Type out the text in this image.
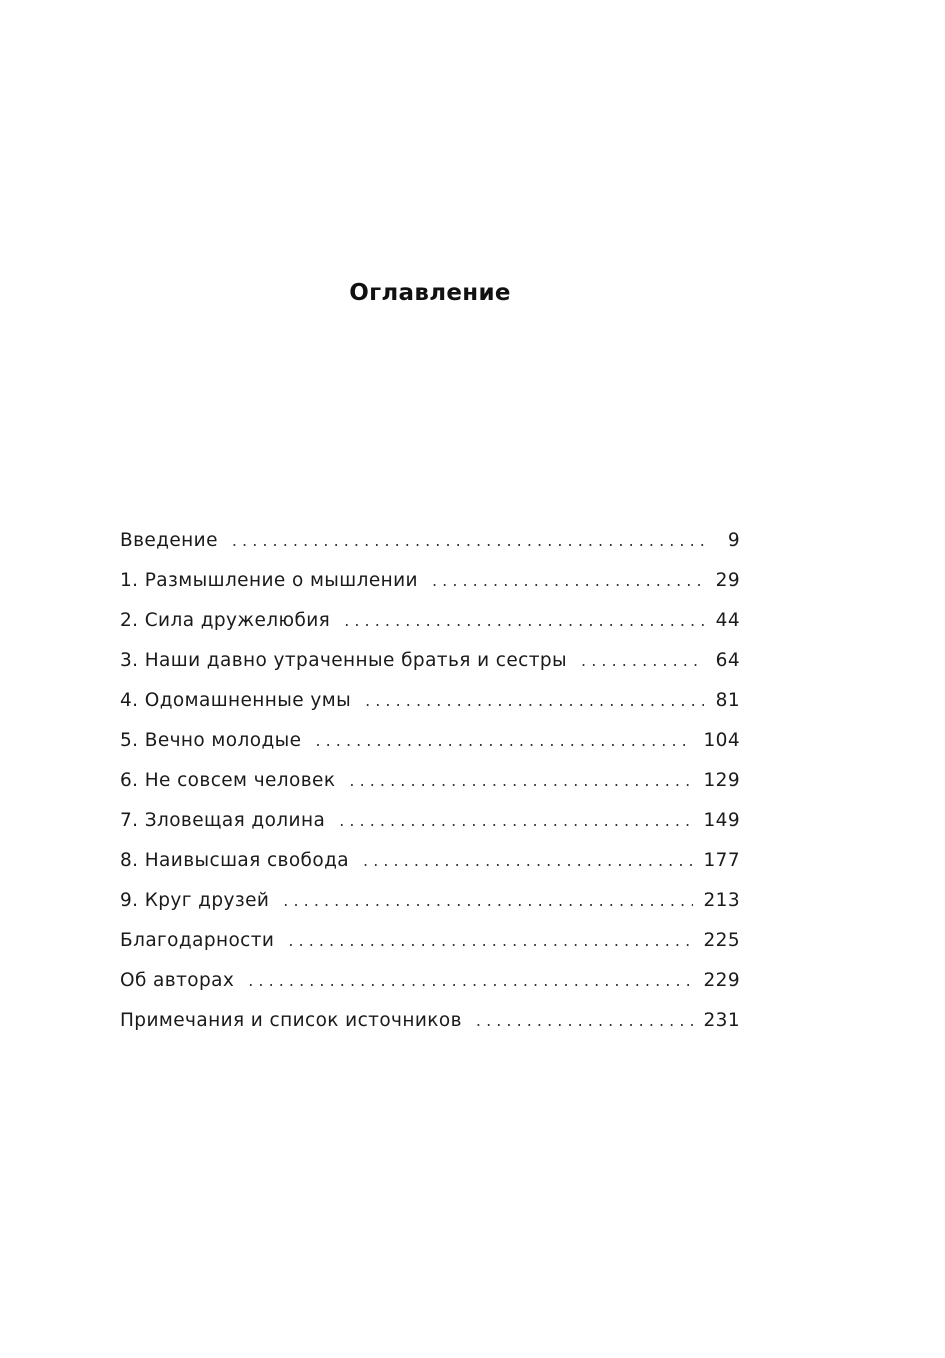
Оглавление
Введение . . .	9
1. Размышление о мышлении . . .	29
2. Сила дружелюбия . . .	44
3. Наши давно утраченные братья и сестры . . .	64
4. Одомашненные умы . . .	81
5. Вечно молодые . . .	104
6. Не совсем человек . . .	129
7. Зловещая долина . . .	149
8. Наивысшая свобода . . .	177
9. Круг друзей . . .	213
Благодарности . . .	225
Об авторах . . .	229
Примечания и список источников . . .	231
